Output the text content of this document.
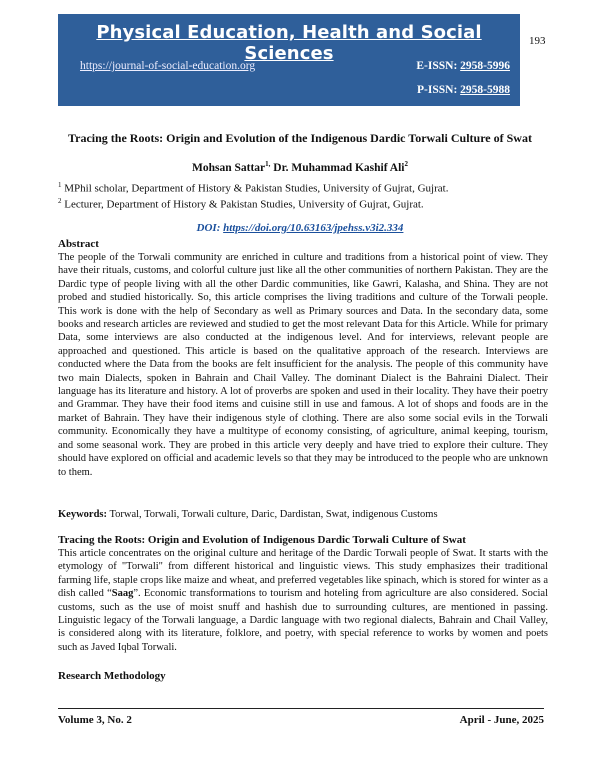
Physical Education, Health and Social Sciences
https://journal-of-social-education.org	E-ISSN: 2958-5996
P-ISSN: 2958-5988
193
Tracing the Roots: Origin and Evolution of the Indigenous Dardic Torwali Culture of Swat
Mohsan Sattar$^{1,}$ Dr. Muhammad Kashif Ali$^2$
$^1$ MPhil scholar, Department of History & Pakistan Studies, University of Gujrat, Gujrat.
$^2$ Lecturer, Department of History & Pakistan Studies, University of Gujrat, Gujrat.
DOI: https://doi.org/10.63163/jpehss.v3i2.334
Abstract
The people of the Torwali community are enriched in culture and traditions from a historical point of view. They have their rituals, customs, and colorful culture just like all the other communities of northern Pakistan. They are the Dardic type of people living with all the other Dardic communities, like Gawri, Kalasha, and Shina. They are not probed and studied historically. So, this article comprises the living traditions and culture of the Torwali people. This work is done with the help of Secondary as well as Primary sources and Data. In the secondary data, some books and research articles are reviewed and studied to get the most relevant Data for this Article. While for primary Data, some interviews are also conducted at the indigenous level. And for interviews, relevant people are approached and questioned. This article is based on the qualitative approach of the research. Interviews are conducted where the Data from the books are felt insufficient for the analysis. The people of this community have two main Dialects, spoken in Bahrain and Chail Valley. The dominant Dialect is the Bahraini Dialect. Their language has its literature and history. A lot of proverbs are spoken and used in their locality. They have their poetry and Grammar. They have their food items and cuisine still in use and famous. A lot of shops and foods are in the market of Bahrain. They have their indigenous style of clothing. There are also some social evils in the Torwali community. Economically they have a multitype of economy consisting, of agriculture, animal keeping, tourism, and some seasonal work. They are probed in this article very deeply and have tried to explore their culture. They should have explored on official and academic levels so that they may be introduced to the people who are unknown to them.
Keywords: Torwal, Torwali, Torwali culture, Daric, Dardistan, Swat, indigenous Customs
Tracing the Roots: Origin and Evolution of Indigenous Dardic Torwali Culture of Swat
This article concentrates on the original culture and heritage of the Dardic Torwali people of Swat. It starts with the etymology of "Torwali" from different historical and linguistic views. This study emphasizes their traditional farming life, staple crops like maize and wheat, and preferred vegetables like spinach, which is stored for winter as a dish called “Saag”. Economic transformations to tourism and hoteling from agriculture are also considered. Social customs, such as the use of moist snuff and hashish due to surrounding cultures, are mentioned in passing. Linguistic legacy of the Torwali language, a Dardic language with two regional dialects, Bahrain and Chail Valley, is considered along with its literature, folklore, and poetry, with special reference to works by women and poets such as Javed Iqbal Torwali.
Research Methodology
Volume 3, No. 2	April - June, 2025
